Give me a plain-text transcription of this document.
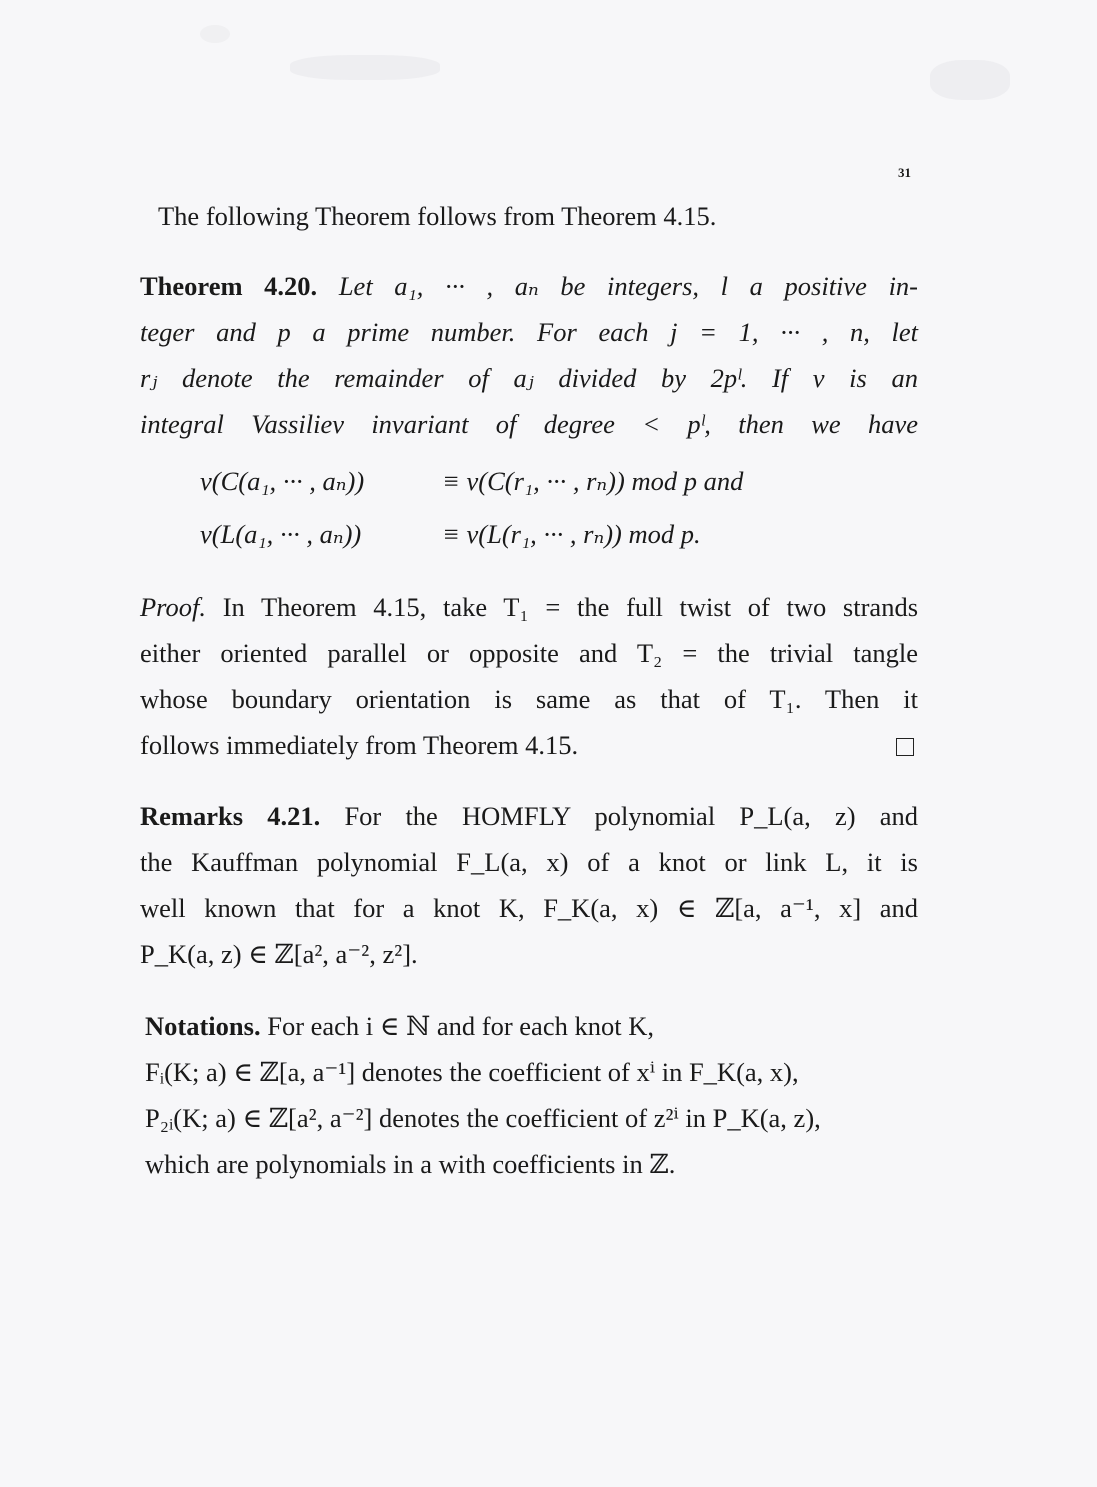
31
The following Theorem follows from Theorem 4.15.
Theorem 4.20. Let a₁, ··· , aₙ be integers, l a positive in-
teger and p a prime number. For each j = 1, ··· , n, let
rⱼ denote the remainder of aⱼ divided by 2pˡ. If v is an
integral Vassiliev invariant of degree < pˡ, then we have
v(C(a₁, ··· , aₙ))	≡ v(C(r₁, ··· , rₙ)) mod p and
v(L(a₁, ··· , aₙ))	≡ v(L(r₁, ··· , rₙ)) mod p.
Proof. In Theorem 4.15, take T₁ = the full twist of two strands
either oriented parallel or opposite and T₂ = the trivial tangle
whose boundary orientation is same as that of T₁. Then it
follows immediately from Theorem 4.15.
Remarks 4.21. For the HOMFLY polynomial P_L(a, z) and
the Kauffman polynomial F_L(a, x) of a knot or link L, it is
well known that for a knot K, F_K(a, x) ∈ ℤ[a, a⁻¹, x] and
P_K(a, z) ∈ ℤ[a², a⁻², z²].
Notations. For each i ∈ ℕ and for each knot K,
Fᵢ(K; a) ∈ ℤ[a, a⁻¹] denotes the coefficient of xⁱ in F_K(a, x),
P₂ᵢ(K; a) ∈ ℤ[a², a⁻²] denotes the coefficient of z²ⁱ in P_K(a, z),
which are polynomials in a with coefficients in ℤ.
